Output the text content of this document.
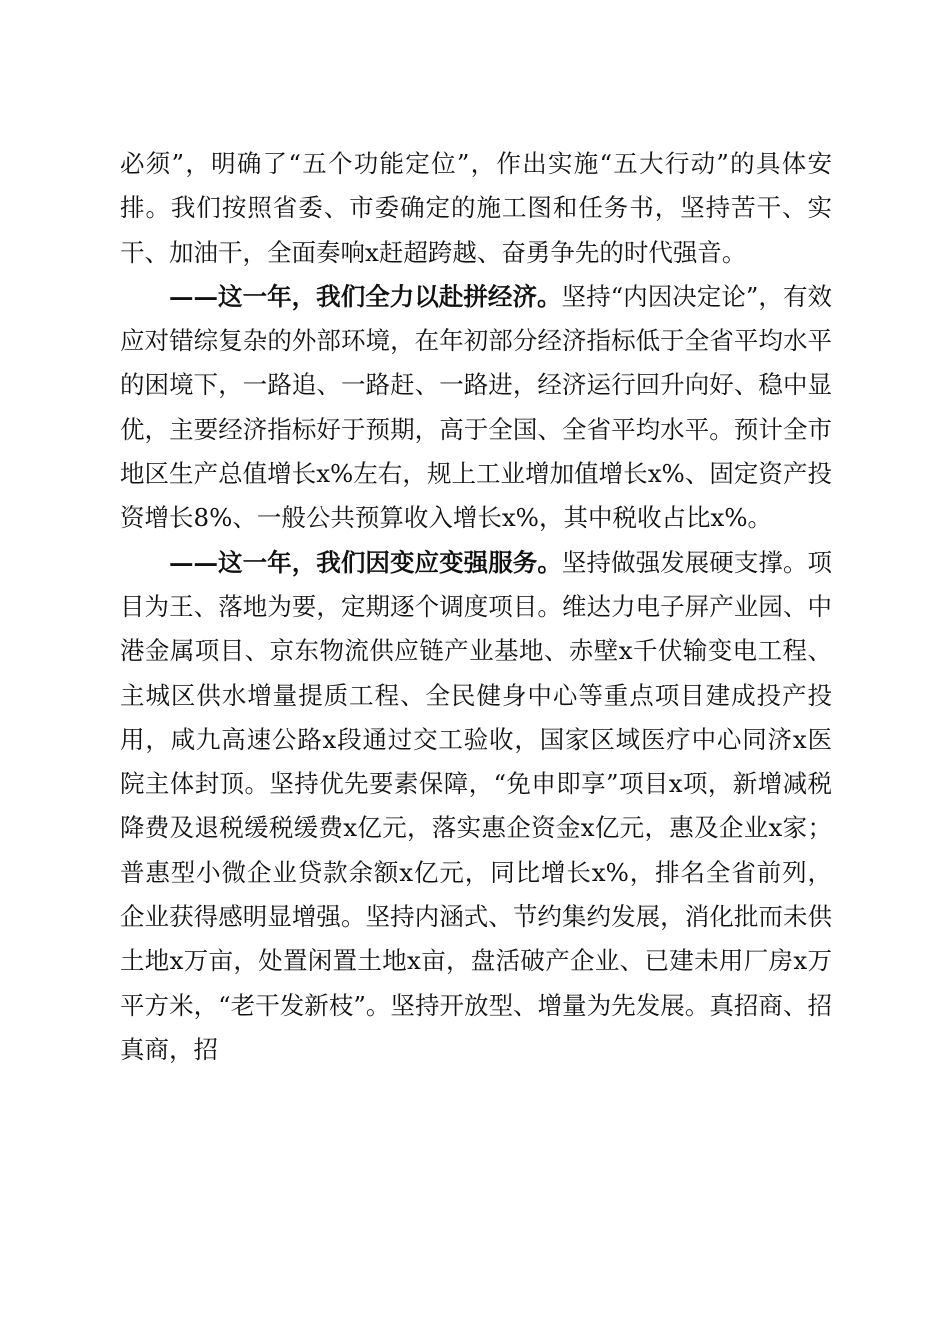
必须”，明确了“五个功能定位”，作出实施“五大行动”的具体安排。我们按照省委、市委确定的施工图和任务书，坚持苦干、实干、加油干，全面奏响x赶超跨越、奋勇争先的时代强音。

——这一年，我们全力以赴拼经济。坚持“内因决定论”，有效应对错综复杂的外部环境，在年初部分经济指标低于全省平均水平的困境下，一路追、一路赶、一路进，经济运行回升向好、稳中显优，主要经济指标好于预期，高于全国、全省平均水平。预计全市地区生产总值增长x%左右，规上工业增加值增长x%、固定资产投资增长8%、一般公共预算收入增长x%，其中税收占比x%。

——这一年，我们因变应变强服务。坚持做强发展硬支撑。项目为王、落地为要，定期逐个调度项目。维达力电子屏产业园、中港金属项目、京东物流供应链产业基地、赤壁x千伏输变电工程、主城区供水增量提质工程、全民健身中心等重点项目建成投产投用，咸九高速公路x段通过交工验收，国家区域医疗中心同济x医院主体封顶。坚持优先要素保障，“免申即享”项目x项，新增减税降费及退税缓税缓费x亿元，落实惠企资金x亿元，惠及企业x家；普惠型小微企业贷款余额x亿元，同比增长x%，排名全省前列，企业获得感明显增强。坚持内涵式、节约集约发展，消化批而未供土地x万亩，处置闲置土地x亩，盘活破产企业、已建未用厂房x万平方米，“老干发新枝”。坚持开放型、增量为先发展。真招商、招真商，招
